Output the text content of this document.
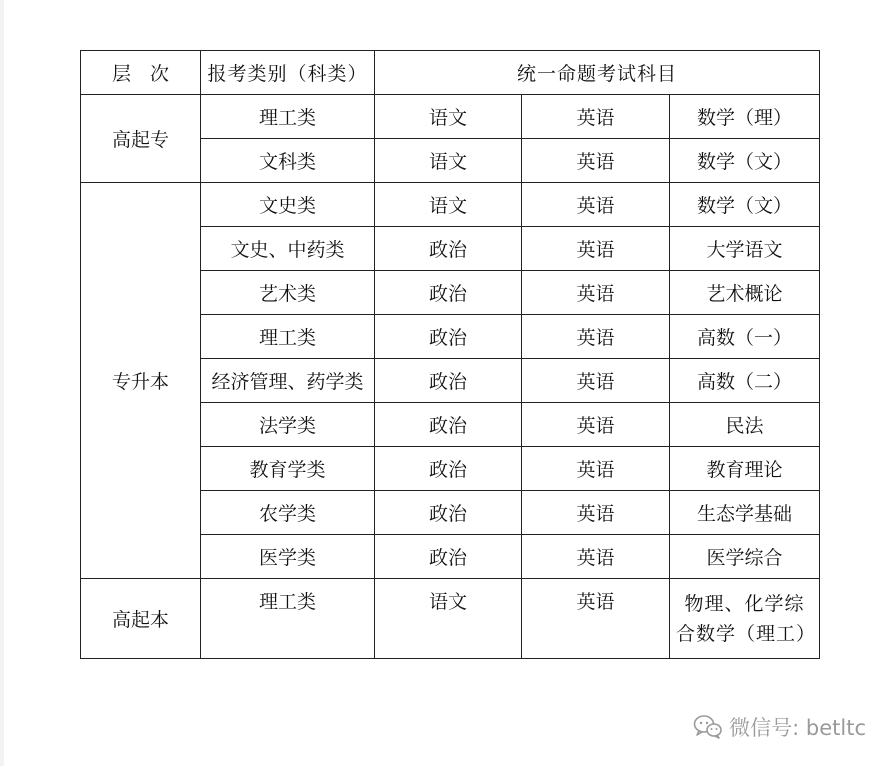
层　次	报考类别（科类）	统一命题考试科目		
高起专	理工类	语文	英语	数学（理）
	文科类	语文	英语	数学（文）
专升本	文史类	语文	英语	数学（文）
	文史、中药类	政治	英语	大学语文
	艺术类	政治	英语	艺术概论
	理工类	政治	英语	高数（一）
	经济管理、药学类	政治	英语	高数（二）
	法学类	政治	英语	民法
	教育学类	政治	英语	教育理论
	农学类	政治	英语	生态学基础
	医学类	政治	英语	医学综合
高起本	理工类	语文	英语	物理、化学综合数学（理工）
微信号: betltc
